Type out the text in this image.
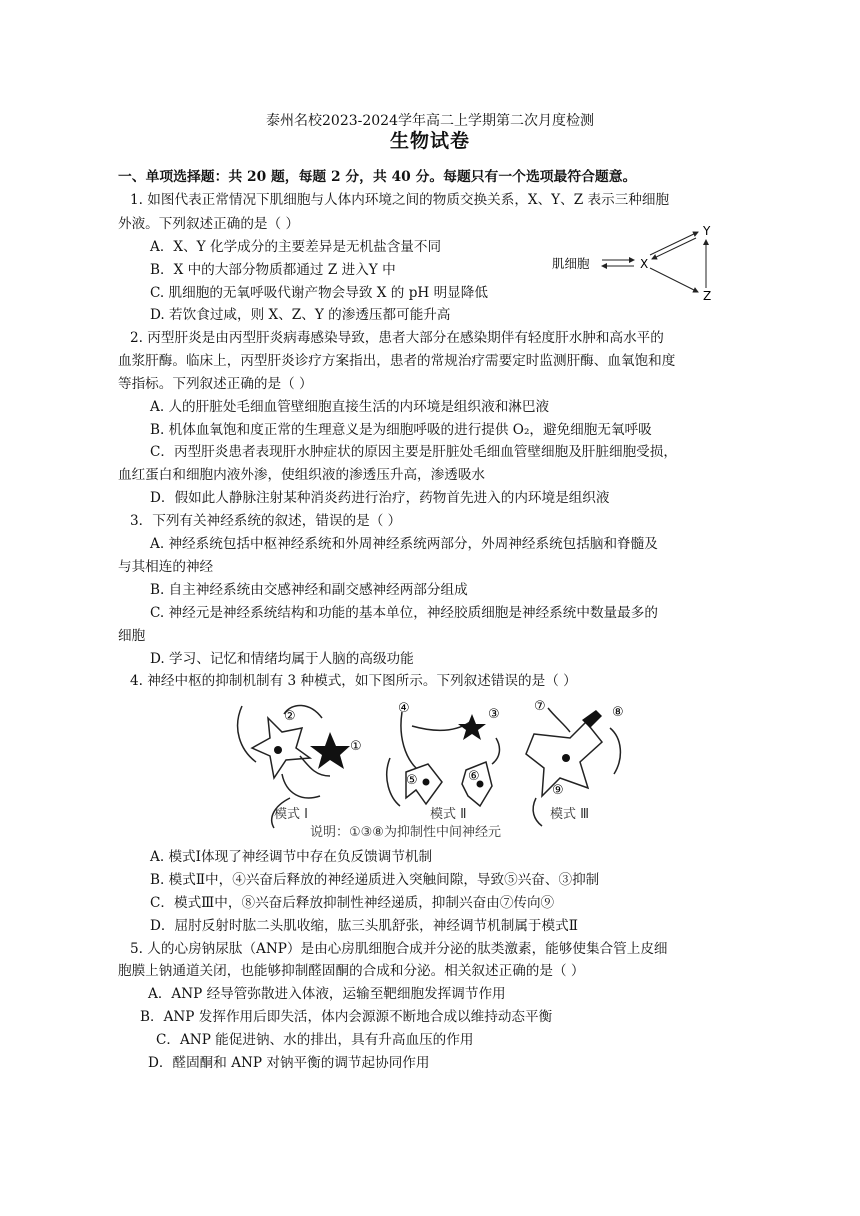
泰州名校2023-2024学年高二上学期第二次月度检测
生物试卷
一、单项选择题：共 20 题，每题 2 分，共 40 分。每题只有一个选项最符合题意。
1. 如图代表正常情况下肌细胞与人体内环境之间的物质交换关系，X、Y、Z 表示三种细胞
外液。下列叙述正确的是（ ）
A．X、Y 化学成分的主要差异是无机盐含量不同
B．X 中的大部分物质都通过 Z 进入Y 中
C. 肌细胞的无氧呼吸代谢产物会导致 X 的 pH 明显降低
D. 若饮食过咸，则 X、Z、Y 的渗透压都可能升高
肌细胞	X
Y
Z
2. 丙型肝炎是由丙型肝炎病毒感染导致，患者大部分在感染期伴有轻度肝水肿和高水平的
血浆肝酶。临床上，丙型肝炎诊疗方案指出，患者的常规治疗需要定时监测肝酶、血氧饱和度
等指标。下列叙述正确的是（ ）
A. 人的肝脏处毛细血管壁细胞直接生活的内环境是组织液和淋巴液
B. 机体血氧饱和度正常的生理意义是为细胞呼吸的进行提供 O₂，避免细胞无氧呼吸
C．丙型肝炎患者表现肝水肿症状的原因主要是肝脏处毛细血管壁细胞及肝脏细胞受损，
血红蛋白和细胞内液外渗，使组织液的渗透压升高，渗透吸水
D．假如此人静脉注射某种消炎药进行治疗，药物首先进入的内环境是组织液
3．下列有关神经系统的叙述，错误的是（ ）
A. 神经系统包括中枢神经系统和外周神经系统两部分，外周神经系统包括脑和脊髓及
与其相连的神经
B. 自主神经系统由交感神经和副交感神经两部分组成
C. 神经元是神经系统结构和功能的基本单位，神经胶质细胞是神经系统中数量最多的
细胞
D. 学习、记忆和情绪均属于人脑的高级功能
4. 神经中枢的抑制机制有 3 种模式，如下图所示。下列叙述错误的是（ ）
①
②	③
④
⑤	⑥
⑦	⑧
⑨
模式 Ⅰ	模式 Ⅱ	模式 Ⅲ
说明：①③⑧为抑制性中间神经元
A. 模式Ⅰ体现了神经调节中存在负反馈调节机制
B. 模式Ⅱ中，④兴奋后释放的神经递质进入突触间隙，导致⑤兴奋、③抑制
C．模式Ⅲ中，⑧兴奋后释放抑制性神经递质，抑制兴奋由⑦传向⑨
D．屈肘反射时肱二头肌收缩，肱三头肌舒张，神经调节机制属于模式Ⅱ
5. 人的心房钠尿肽（ANP）是由心房肌细胞合成并分泌的肽类激素，能够使集合管上皮细
胞膜上钠通道关闭，也能够抑制醛固酮的合成和分泌。相关叙述正确的是（ ）
A．ANP 经导管弥散进入体液，运输至靶细胞发挥调节作用
B．ANP 发挥作用后即失活，体内会源源不断地合成以维持动态平衡
C．ANP 能促进钠、水的排出，具有升高血压的作用
D．醛固酮和 ANP 对钠平衡的调节起协同作用
